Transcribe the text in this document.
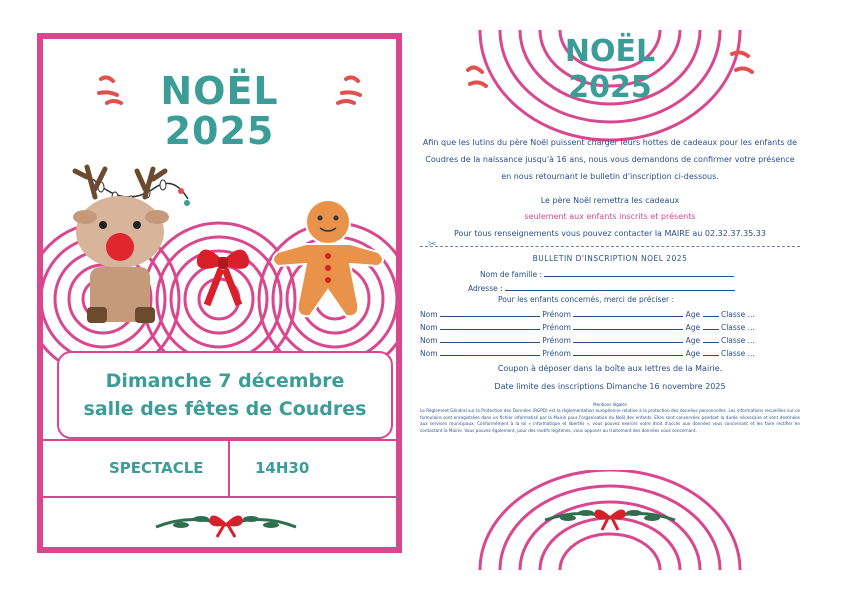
NOËL
2025
Dimanche 7 décembre
salle des fêtes de Coudres
SPECTACLE	14H30
NOËL
2025
Afin que les lutins du père Noël puissent charger leurs hottes de cadeaux pour les enfants de Coudres de la naissance jusqu'à 16 ans, nous vous demandons de confirmer votre présence en nous retournant le bulletin d'inscription ci-dessous.
Le père Noël remettra les cadeaux
seulement aux enfants inscrits et présents
Pour tous renseignements vous pouvez contacter la MAIRE au 02.32.37.35.33
✂
BULLETIN D'INSCRIPTION NOEL 2025
Nom de famille :
Adresse :
Pour les enfants concernés, merci de préciser :
Nom	Prénom	Age	Classe ...
Nom	Prénom	Age	Classe ...
Nom	Prénom	Age	Classe ...
Nom	Prénom	Age	Classe ...
Coupon à déposer dans la boîte aux lettres de la Mairie.
Date limite des inscriptions Dimanche 16 novembre 2025
Mentions légales
Le Règlement Général sur la Protection des Données (RGPD) est la règlementation européenne relative à la protection des données personnelles. Les informations recueillies sur ce formulaire sont enregistrées dans un fichier informatisé par la Mairie pour l'organisation du Noël des enfants. Elles sont conservées pendant la durée nécessaire et sont destinées aux services municipaux. Conformément à la loi « informatique et libertés », vous pouvez exercer votre droit d'accès aux données vous concernant et les faire rectifier en contactant la Mairie. Vous pouvez également, pour des motifs légitimes, vous opposer au traitement des données vous concernant.
